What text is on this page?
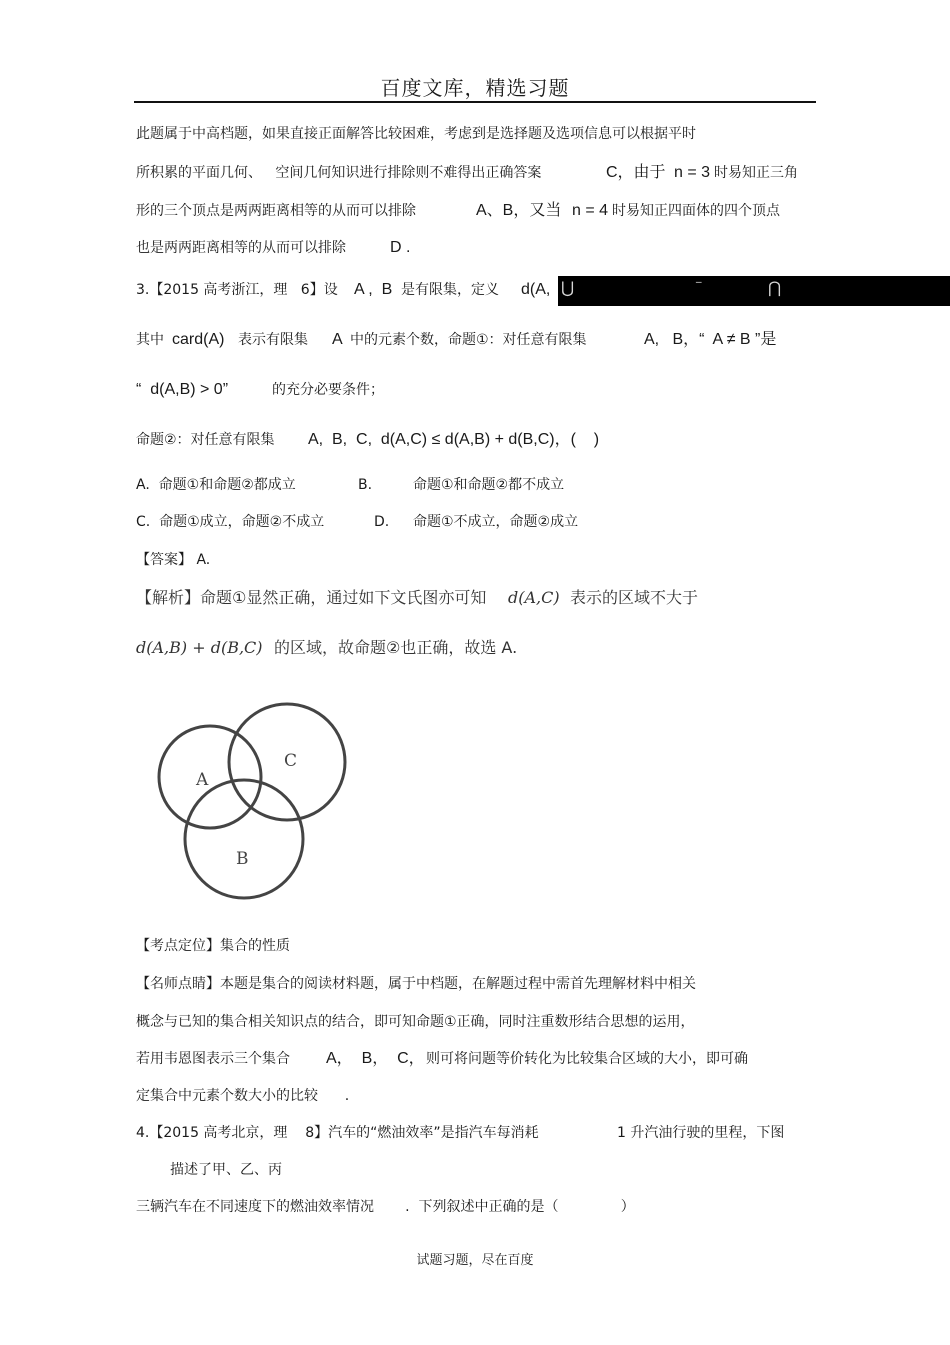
百度文库，精选习题
此题属于中高档题，如果直接正面解答比较困难，考虑到是选择题及选项信息可以根据平时
所积累的平面几何、   空间几何知识进行排除则不难得出正确答案	C，由于 n = 3 时易知正三角
形的三个顶点是两两距离相等的从而可以排除	A、B，又当 n = 4 时易知正四面体的四个顶点
也是两两距离相等的从而可以排除	D .
3.【2015 高考浙江，理   6】设 A ,  B 是有限集，定义 d(A, ⋃	‾	⋂
其中 card(A) 表示有限集 A 中的元素个数，命题①：对任意有限集	A,   B，“  A ≠ B ”是
“  d(A,B) > 0”	的充分必要条件；
命题②：对任意有限集 A,  B,  C,  d(A,C) ≤ d(A,B) + d(B,C)，(    )
A.  命题①和命题②都成立	B.	命题①和命题②都不成立
C.  命题①成立，命题②不成立	D. 命题①不成立，命题②成立
【答案】 A.
【解析】命题①显然正确，通过如下文氏图亦可知 d(A,C) 表示的区域不大于
d(A,B) + d(B,C) 的区域，故命题②也正确，故选 A.
A
C
B
【考点定位】集合的性质
【名师点睛】本题是集合的阅读材料题，属于中档题，在解题过程中需首先理解材料中相关
概念与已知的集合相关知识点的结合，即可知命题①正确，同时注重数形结合思想的运用，
若用韦恩图表示三个集合 A，  B，  C， 则可将问题等价转化为比较集合区域的大小，即可确
定集合中元素个数大小的比较      .
4.【2015 高考北京，理    8】汽车的“燃油效率”是指汽车每消耗	1 升汽油行驶的里程，下图
描述了甲、乙、丙
三辆汽车在不同速度下的燃油效率情况       .  下列叙述中正确的是（              ）
试题习题，尽在百度
